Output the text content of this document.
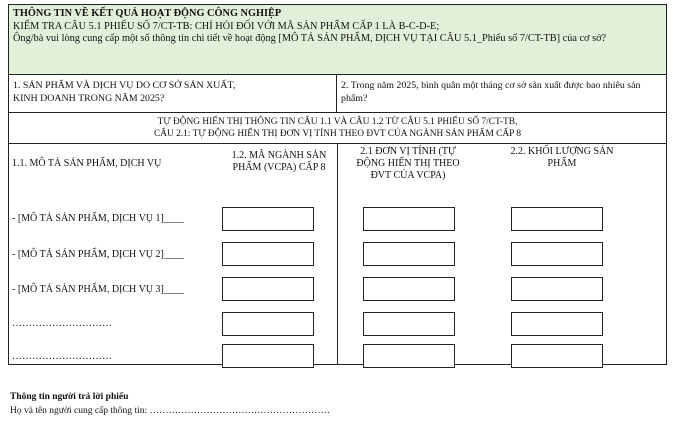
THÔNG TIN VỀ KẾT QUẢ HOẠT ĐỘNG CÔNG NGHIỆP
KIỂM TRA CÂU 5.1 PHIẾU SỐ 7/CT-TB: CHỈ HỎI ĐỐI VỚI MÃ SẢN PHẨM CẤP 1 LÀ B-C-D-E;
Ông/bà vui lòng cung cấp một số thông tin chi tiết về hoạt động [MÔ TẢ SẢN PHẨM, DỊCH VỤ TẠI CÂU 5.1_Phiếu số 7/CT-TB] của cơ sở?
1. SẢN PHẨM VÀ DỊCH VỤ DO CƠ SỞ SẢN XUẤT,
KINH DOANH TRONG NĂM 2025?
2. Trong năm 2025, bình quân một tháng cơ sở sản xuất được bao nhiêu sản phẩm?
TỰ ĐỘNG HIỂN THỊ THÔNG TIN CÂU 1.1 VÀ CÂU 1.2 TỪ CÂU 5.1 PHIẾU SỐ 7/CT-TB,
CÂU 2.1: TỰ ĐỘNG HIỂN THỊ ĐƠN VỊ TÍNH THEO ĐVT CỦA NGÀNH SẢN PHẨM CẤP 8
1.1. MÔ TẢ SẢN PHẨM, DỊCH VỤ
1.2. MÃ NGÀNH SẢN PHẨM (VCPA) CẤP 8
2.1 ĐƠN VỊ TÍNH (TỰ ĐỘNG HIỂN THỊ THEO ĐVT CỦA VCPA)
2.2. KHỐI LƯỢNG SẢN PHẨM
- [MÔ TẢ SẢN PHẨM, DỊCH VỤ 1]____
- [MÔ TẢ SẢN PHẨM, DỊCH VỤ 2]____
- [MÔ TẢ SẢN PHẨM, DỊCH VỤ 3]____
…………………………
…………………………
Thông tin người trả lời phiếu
Họ và tên người cung cấp thông tin: …………………………………………………
